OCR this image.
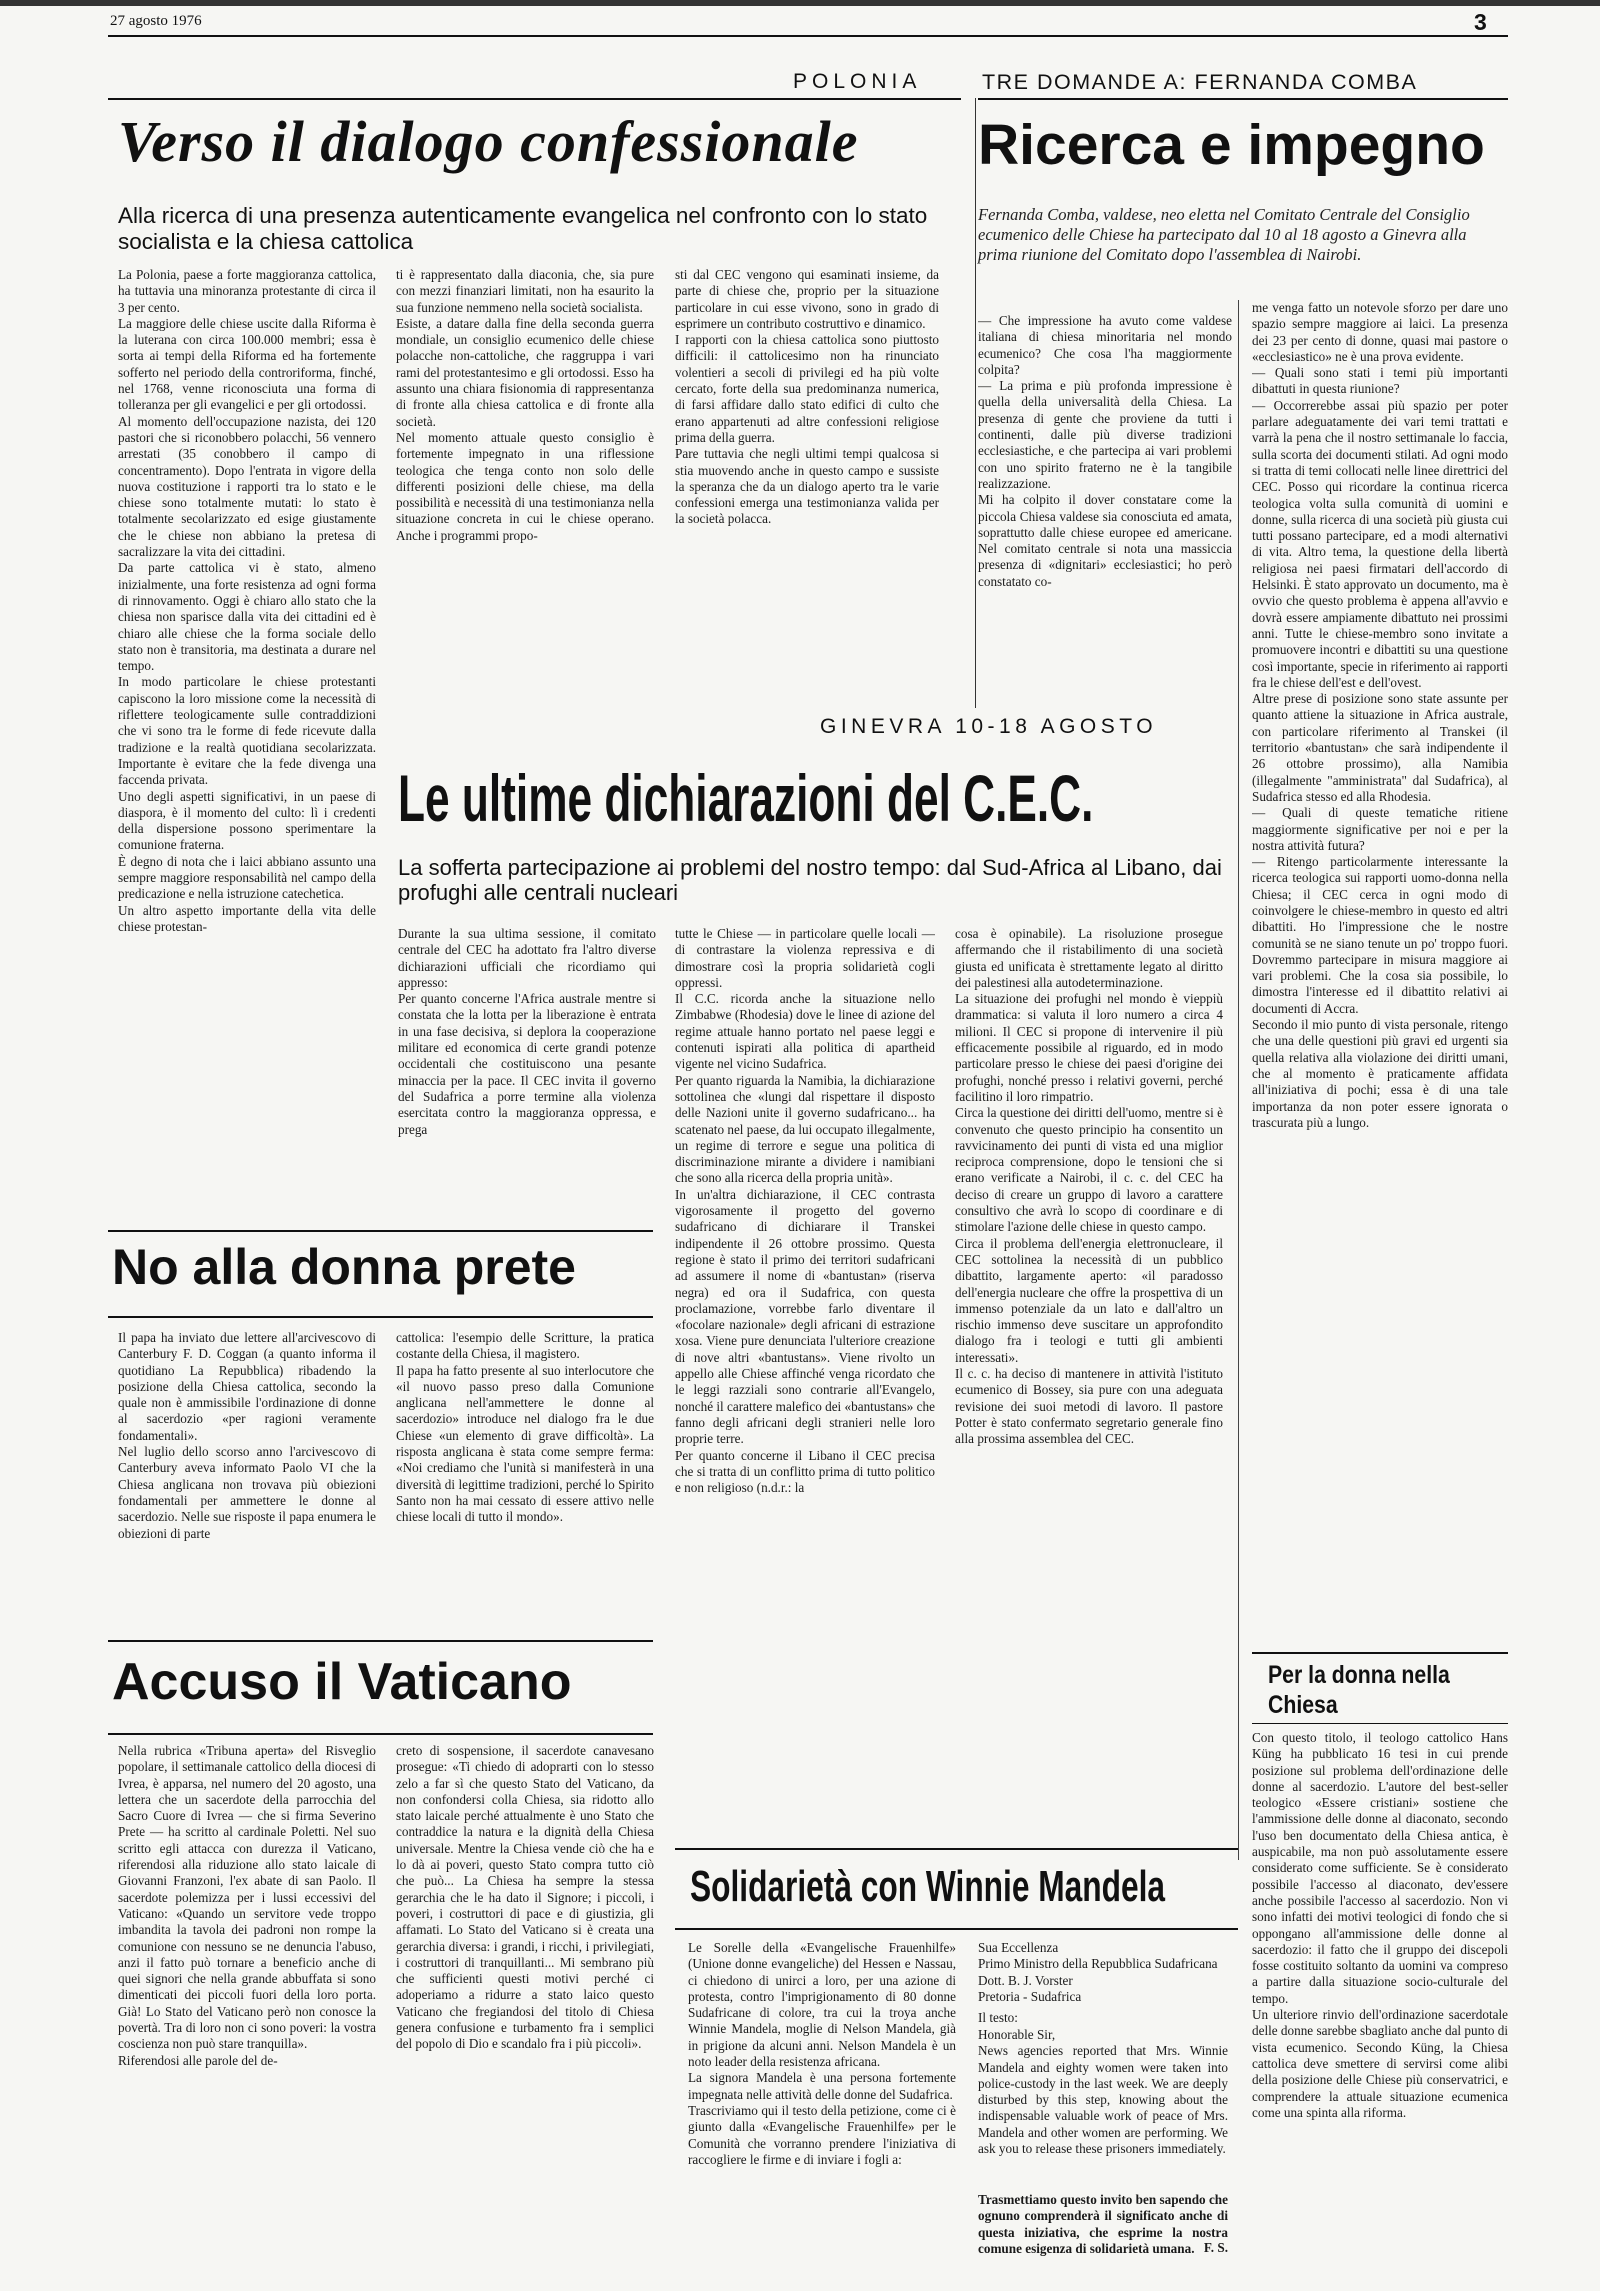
27 agosto 1976	3
POLONIA
Verso il dialogo confessionale
Alla ricerca di una presenza autenticamente evangelica nel confronto con lo stato socialista e la chiesa cattolica
La Polonia, paese a forte maggioranza cattolica, ha tuttavia una minoranza protestante di circa il 3 per cento.
La maggiore delle chiese uscite dalla Riforma è la luterana con circa 100.000 membri; essa è sorta ai tempi della Riforma ed ha fortemente sofferto nel periodo della controriforma, finché, nel 1768, venne riconosciuta una forma di tolleranza per gli evangelici e per gli ortodossi.
Al momento dell'occupazione nazista, dei 120 pastori che si riconobbero polacchi, 56 vennero arrestati (35 conobbero il campo di concentramento). Dopo l'entrata in vigore della nuova costituzione i rapporti tra lo stato e le chiese sono totalmente mutati: lo stato è totalmente secolarizzato ed esige giustamente che le chiese non abbiano la pretesa di sacralizzare la vita dei cittadini.
Da parte cattolica vi è stato, almeno inizialmente, una forte resistenza ad ogni forma di rinnovamento. Oggi è chiaro allo stato che la chiesa non sparisce dalla vita dei cittadini ed è chiaro alle chiese che la forma sociale dello stato non è transitoria, ma destinata a durare nel tempo.
In modo particolare le chiese protestanti capiscono la loro missione come la necessità di riflettere teologicamente sulle contraddizioni che vi sono tra le forme di fede ricevute dalla tradizione e la realtà quotidiana secolarizzata. Importante è evitare che la fede divenga una faccenda privata.
Uno degli aspetti significativi, in un paese di diaspora, è il momento del culto: lì i credenti della dispersione possono sperimentare la comunione fraterna.
È degno di nota che i laici abbiano assunto una sempre maggiore responsabilità nel campo della predicazione e nella istruzione catechetica.
Un altro aspetto importante della vita delle chiese protestan-
ti è rappresentato dalla diaconia, che, sia pure con mezzi finanziari limitati, non ha esaurito la sua funzione nemmeno nella società socialista.
Esiste, a datare dalla fine della seconda guerra mondiale, un consiglio ecumenico delle chiese polacche non-cattoliche, che raggruppa i vari rami del protestantesimo e gli ortodossi. Esso ha assunto una chiara fisionomia di rappresentanza di fronte alla chiesa cattolica e di fronte alla società.
Nel momento attuale questo consiglio è fortemente impegnato in una riflessione teologica che tenga conto non solo delle differenti posizioni delle chiese, ma della possibilità e necessità di una testimonianza nella situazione concreta in cui le chiese operano. Anche i programmi propo-
sti dal CEC vengono qui esaminati insieme, da parte di chiese che, proprio per la situazione particolare in cui esse vivono, sono in grado di esprimere un contributo costruttivo e dinamico.
I rapporti con la chiesa cattolica sono piuttosto difficili: il cattolicesimo non ha rinunciato volentieri a secoli di privilegi ed ha più volte cercato, forte della sua predominanza numerica, di farsi affidare dallo stato edifici di culto che erano appartenuti ad altre confessioni religiose prima della guerra.
Pare tuttavia che negli ultimi tempi qualcosa si stia muovendo anche in questo campo e sussiste la speranza che da un dialogo aperto tra le varie confessioni emerga una testimonianza valida per la società polacca.
TRE DOMANDE A: FERNANDA COMBA
Ricerca e impegno
Fernanda Comba, valdese, neo eletta nel Comitato Centrale del Consiglio ecumenico delle Chiese ha partecipato dal 10 al 18 agosto a Ginevra alla prima riunione del Comitato dopo l'assemblea di Nairobi.
— Che impressione ha avuto come valdese italiana di chiesa minoritaria nel mondo ecumenico? Che cosa l'ha maggiormente colpita?
— La prima e più profonda impressione è quella della universalità della Chiesa. La presenza di gente che proviene da tutti i continenti, dalle più diverse tradizioni ecclesiastiche, e che partecipa ai vari problemi con uno spirito fraterno ne è la tangibile realizzazione.
Mi ha colpito il dover constatare come la piccola Chiesa valdese sia conosciuta ed amata, soprattutto dalle chiese europee ed americane. Nel comitato centrale si nota una massiccia presenza di «dignitari» ecclesiastici; ho però constatato co-
me venga fatto un notevole sforzo per dare uno spazio sempre maggiore ai laici. La presenza dei 23 per cento di donne, quasi mai pastore o «ecclesiastico» ne è una prova evidente.
— Quali sono stati i temi più importanti dibattuti in questa riunione?
— Occorrerebbe assai più spazio per poter parlare adeguatamente dei vari temi trattati e varrà la pena che il nostro settimanale lo faccia, sulla scorta dei documenti stilati. Ad ogni modo si tratta di temi collocati nelle linee direttrici del CEC. Posso qui ricordare la continua ricerca teologica volta sulla comunità di uomini e donne, sulla ricerca di una società più giusta cui tutti possano partecipare, ed a modi alternativi di vita. Altro tema, la questione della libertà religiosa nei paesi firmatari dell'accordo di Helsinki. È stato approvato un documento, ma è ovvio che questo problema è appena all'avvio e dovrà essere ampiamente dibattuto nei prossimi anni. Tutte le chiese-membro sono invitate a promuovere incontri e dibattiti su una questione così importante, specie in riferimento ai rapporti fra le chiese dell'est e dell'ovest.
Altre prese di posizione sono state assunte per quanto attiene la situazione in Africa australe, con particolare riferimento al Transkei (il territorio «bantustan» che sarà indipendente il 26 ottobre prossimo), alla Namibia (illegalmente "amministrata" dal Sudafrica), al Sudafrica stesso ed alla Rhodesia.
— Quali di queste tematiche ritiene maggiormente significative per noi e per la nostra attività futura?
— Ritengo particolarmente interessante la ricerca teologica sui rapporti uomo-donna nella Chiesa; il CEC cerca in ogni modo di coinvolgere le chiese-membro in questo ed altri dibattiti. Ho l'impressione che le nostre comunità se ne siano tenute un po' troppo fuori. Dovremmo partecipare in misura maggiore ai vari problemi. Che la cosa sia possibile, lo dimostra l'interesse ed il dibattito relativi ai documenti di Accra.
Secondo il mio punto di vista personale, ritengo che una delle questioni più gravi ed urgenti sia quella relativa alla violazione dei diritti umani, che al momento è praticamente affidata all'iniziativa di pochi; essa è di una tale importanza da non poter essere ignorata o trascurata più a lungo.
GINEVRA 10-18 AGOSTO
Le ultime dichiarazioni del C.E.C.
La sofferta partecipazione ai problemi del nostro tempo: dal Sud-Africa al Libano, dai profughi alle centrali nucleari
Durante la sua ultima sessione, il comitato centrale del CEC ha adottato fra l'altro diverse dichiarazioni ufficiali che ricordiamo qui appresso:
Per quanto concerne l'Africa australe mentre si constata che la lotta per la liberazione è entrata in una fase decisiva, si deplora la cooperazione militare ed economica di certe grandi potenze occidentali che costituiscono una pesante minaccia per la pace. Il CEC invita il governo del Sudafrica a porre termine alla violenza esercitata contro la maggioranza oppressa, e prega
tutte le Chiese — in particolare quelle locali — di contrastare la violenza repressiva e di dimostrare così la propria solidarietà cogli oppressi.
Il C.C. ricorda anche la situazione nello Zimbabwe (Rhodesia) dove le linee di azione del regime attuale hanno portato nel paese leggi e contenuti ispirati alla politica di apartheid vigente nel vicino Sudafrica.
Per quanto riguarda la Namibia, la dichiarazione sottolinea che «lungi dal rispettare il disposto delle Nazioni unite il governo sudafricano... ha scatenato nel paese, da lui occupato illegalmente, un regime di terrore e segue una politica di discriminazione mirante a dividere i namibiani che sono alla ricerca della propria unità».
In un'altra dichiarazione, il CEC contrasta vigorosamente il progetto del governo sudafricano di dichiarare il Transkei indipendente il 26 ottobre prossimo. Questa regione è stato il primo dei territori sudafricani ad assumere il nome di «bantustan» (riserva negra) ed ora il Sudafrica, con questa proclamazione, vorrebbe farlo diventare il «focolare nazionale» degli africani di estrazione xosa. Viene pure denunciata l'ulteriore creazione di nove altri «bantustans». Viene rivolto un appello alle Chiese affinché venga ricordato che le leggi razziali sono contrarie all'Evangelo, nonché il carattere malefico dei «bantustans» che fanno degli africani degli stranieri nelle loro proprie terre.
Per quanto concerne il Libano il CEC precisa che si tratta di un conflitto prima di tutto politico e non religioso (n.d.r.: la
cosa è opinabile). La risoluzione prosegue affermando che il ristabilimento di una società giusta ed unificata è strettamente legato al diritto dei palestinesi alla autodeterminazione.
La situazione dei profughi nel mondo è vieppiù drammatica: si valuta il loro numero a circa 4 milioni. Il CEC si propone di intervenire il più efficacemente possibile al riguardo, ed in modo particolare presso le chiese dei paesi d'origine dei profughi, nonché presso i relativi governi, perché facilitino il loro rimpatrio.
Circa la questione dei diritti dell'uomo, mentre si è convenuto che questo principio ha consentito un ravvicinamento dei punti di vista ed una miglior reciproca comprensione, dopo le tensioni che si erano verificate a Nairobi, il c. c. del CEC ha deciso di creare un gruppo di lavoro a carattere consultivo che avrà lo scopo di coordinare e di stimolare l'azione delle chiese in questo campo.
Circa il problema dell'energia elettronucleare, il CEC sottolinea la necessità di un pubblico dibattito, largamente aperto: «il paradosso dell'energia nucleare che offre la prospettiva di un immenso potenziale da un lato e dall'altro un rischio immenso deve suscitare un approfondito dialogo fra i teologi e tutti gli ambienti interessati».
Il c. c. ha deciso di mantenere in attività l'istituto ecumenico di Bossey, sia pure con una adeguata revisione dei suoi metodi di lavoro. Il pastore Potter è stato confermato segretario generale fino alla prossima assemblea del CEC.
No alla donna prete
Il papa ha inviato due lettere all'arcivescovo di Canterbury F. D. Coggan (a quanto informa il quotidiano La Repubblica) ribadendo la posizione della Chiesa cattolica, secondo la quale non è ammissibile l'ordinazione di donne al sacerdozio «per ragioni veramente fondamentali».
Nel luglio dello scorso anno l'arcivescovo di Canterbury aveva informato Paolo VI che la Chiesa anglicana non trovava più obiezioni fondamentali per ammettere le donne al sacerdozio. Nelle sue risposte il papa enumera le obiezioni di parte
cattolica: l'esempio delle Scritture, la pratica costante della Chiesa, il magistero.
Il papa ha fatto presente al suo interlocutore che «il nuovo passo preso dalla Comunione anglicana nell'ammettere le donne al sacerdozio» introduce nel dialogo fra le due Chiese «un elemento di grave difficoltà». La risposta anglicana è stata come sempre ferma: «Noi crediamo che l'unità si manifesterà in una diversità di legittime tradizioni, perché lo Spirito Santo non ha mai cessato di essere attivo nelle chiese locali di tutto il mondo».
Accuso il Vaticano
Nella rubrica «Tribuna aperta» del Risveglio popolare, il settimanale cattolico della diocesi di Ivrea, è apparsa, nel numero del 20 agosto, una lettera che un sacerdote della parrocchia del Sacro Cuore di Ivrea — che si firma Severino Prete — ha scritto al cardinale Poletti. Nel suo scritto egli attacca con durezza il Vaticano, riferendosi alla riduzione allo stato laicale di Giovanni Franzoni, l'ex abate di san Paolo. Il sacerdote polemizza per i lussi eccessivi del Vaticano: «Quando un servitore vede troppo imbandita la tavola dei padroni non rompe la comunione con nessuno se ne denuncia l'abuso, anzi il fatto può tornare a beneficio anche di quei signori che nella grande abbuffata si sono dimenticati dei piccoli fuori della loro porta. Già! Lo Stato del Vaticano però non conosce la povertà. Tra di loro non ci sono poveri: la vostra coscienza non può stare tranquilla».
Riferendosi alle parole del de-
creto di sospensione, il sacerdote canavesano prosegue: «Ti chiedo di adoprarti con lo stesso zelo a far sì che questo Stato del Vaticano, da non confondersi colla Chiesa, sia ridotto allo stato laicale perché attualmente è uno Stato che contraddice la natura e la dignità della Chiesa universale. Mentre la Chiesa vende ciò che ha e lo dà ai poveri, questo Stato compra tutto ciò che può... La Chiesa ha sempre la stessa gerarchia che le ha dato il Signore; i piccoli, i poveri, i costruttori di pace e di giustizia, gli affamati. Lo Stato del Vaticano si è creata una gerarchia diversa: i grandi, i ricchi, i privilegiati, i costruttori di tranquillanti... Mi sembrano più che sufficienti questi motivi perché ci adoperiamo a ridurre a stato laico questo Vaticano che fregiandosi del titolo di Chiesa genera confusione e turbamento fra i semplici del popolo di Dio e scandalo fra i più piccoli».
Solidarietà con Winnie Mandela
Le Sorelle della «Evangelische Frauenhilfe» (Unione donne evangeliche) del Hessen e Nassau, ci chiedono di unirci a loro, per una azione di protesta, contro l'imprigionamento di 80 donne Sudafricane di colore, tra cui la troya anche Winnie Mandela, moglie di Nelson Mandela, già in prigione da alcuni anni. Nelson Mandela è un noto leader della resistenza africana.
La signora Mandela è una persona fortemente impegnata nelle attività delle donne del Sudafrica.
Trascriviamo qui il testo della petizione, come ci è giunto dalla «Evangelische Frauenhilfe» per le Comunità che vorranno prendere l'iniziativa di raccogliere le firme e di inviare i fogli a:
Sua Eccellenza
Primo Ministro della Repubblica Sudafricana
Dott. B. J. Vorster
Pretoria - Sudafrica
Il testo:
Honorable Sir,
News agencies reported that Mrs. Winnie Mandela and eighty women were taken into police-custody in the last week. We are deeply disturbed by this step, knowing about the indispensable valuable work of peace of Mrs. Mandela and other women are performing. We ask you to release these prisoners immediately.
Trasmettiamo questo invito ben sapendo che ognuno comprenderà il significato anche di questa iniziativa, che esprime la nostra comune esigenza di solidarietà umana. F. S.
Per la donna nella Chiesa
Con questo titolo, il teologo cattolico Hans Küng ha pubblicato 16 tesi in cui prende posizione sul problema dell'ordinazione delle donne al sacerdozio. L'autore del best-seller teologico «Essere cristiani» sostiene che l'ammissione delle donne al diaconato, secondo l'uso ben documentato della Chiesa antica, è auspicabile, ma non può assolutamente essere considerato come sufficiente. Se è considerato possibile l'accesso al diaconato, dev'essere anche possibile l'accesso al sacerdozio. Non vi sono infatti dei motivi teologici di fondo che si oppongano all'ammissione delle donne al sacerdozio: il fatto che il gruppo dei discepoli fosse costituito soltanto da uomini va compreso a partire dalla situazione socio-culturale del tempo.
Un ulteriore rinvio dell'ordinazione sacerdotale delle donne sarebbe sbagliato anche dal punto di vista ecumenico. Secondo Küng, la Chiesa cattolica deve smettere di servirsi come alibi della posizione delle Chiese più conservatrici, e comprendere la attuale situazione ecumenica come una spinta alla riforma.
